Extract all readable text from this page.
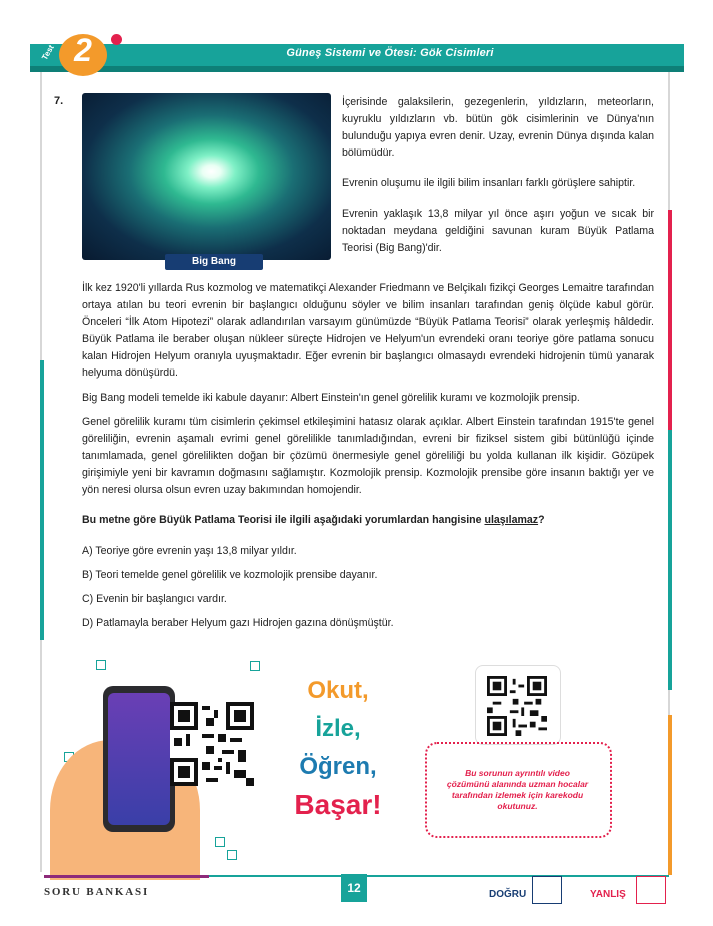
Güneş Sistemi ve Ötesi: Gök Cisimleri
2
Test
7.
Big Bang
İçerisinde galaksilerin, gezegenlerin, yıldızların, meteorların, kuyruklu yıldızların vb. bütün gök cisimlerinin ve Dünya'nın bulunduğu yapıya evren denir. Uzay, evrenin Dünya dışında kalan bölümüdür.
Evrenin oluşumu ile ilgili bilim insanları farklı görüşlere sahiptir.
Evrenin yaklaşık 13,8 milyar yıl önce aşırı yoğun ve sıcak bir noktadan meydana geldiğini savunan kuram Büyük Patlama Teorisi (Big Bang)'dir.
İlk kez 1920'li yıllarda Rus kozmolog ve matematikçi Alexander Friedmann ve Belçikalı fizikçi Georges Lemaitre tarafından ortaya atılan bu teori evrenin bir başlangıcı olduğunu söyler ve bilim insanları tarafından geniş ölçüde kabul görür. Önceleri “İlk Atom Hipotezi” olarak adlandırılan varsayım günümüzde “Büyük Patlama Teorisi” olarak yerleşmiş hâldedir. Büyük Patlama ile beraber oluşan nükleer süreçte Hidrojen ve Helyum'un evrendeki oranı teoriye göre patlama sonucu kalan Hidrojen Helyum oranıyla uyuşmaktadır. Eğer evrenin bir başlangıcı olmasaydı evrendeki hidrojenin tümü yanarak helyuma dönüşürdü.
Big Bang modeli temelde iki kabule dayanır: Albert Einstein'ın genel görelilik kuramı ve kozmolojik prensip.
Genel görelilik kuramı tüm cisimlerin çekimsel etkileşimini hatasız olarak açıklar. Albert Einstein tarafından 1915'te genel göreliliğin, evrenin aşamalı evrimi genel görelilikle tanımladığından, evreni bir fiziksel sistem gibi bütünlüğü içinde tanımlamada, genel görelilikten doğan bir çözümü önermesiyle genel göreliliği bu yolda kullanan ilk kişidir. Gözüpek girişimiyle yeni bir kavramın doğmasını sağlamıştır. Kozmolojik prensip. Kozmolojik prensibe göre insanın baktığı yer ve yön neresi olursa olsun evren uzay bakımından homojendir.
Bu metne göre Büyük Patlama Teorisi ile ilgili aşağıdaki yorumlardan hangisine ulaşılamaz?
A) Teoriye göre evrenin yaşı 13,8 milyar yıldır.
B) Teori temelde genel görelilik ve kozmolojik prensibe dayanır.
C) Evenin bir başlangıcı vardır.
D) Patlamayla beraber Helyum gazı Hidrojen gazına dönüşmüştür.
Okut,
İzle,
Öğren,
Başar!
Bu sorunun ayrıntılı video çözümünü alanında uzman hocalar tarafından izlemek için karekodu okutunuz.
SORU BANKASI	12	DOĞRU	YANLIŞ
